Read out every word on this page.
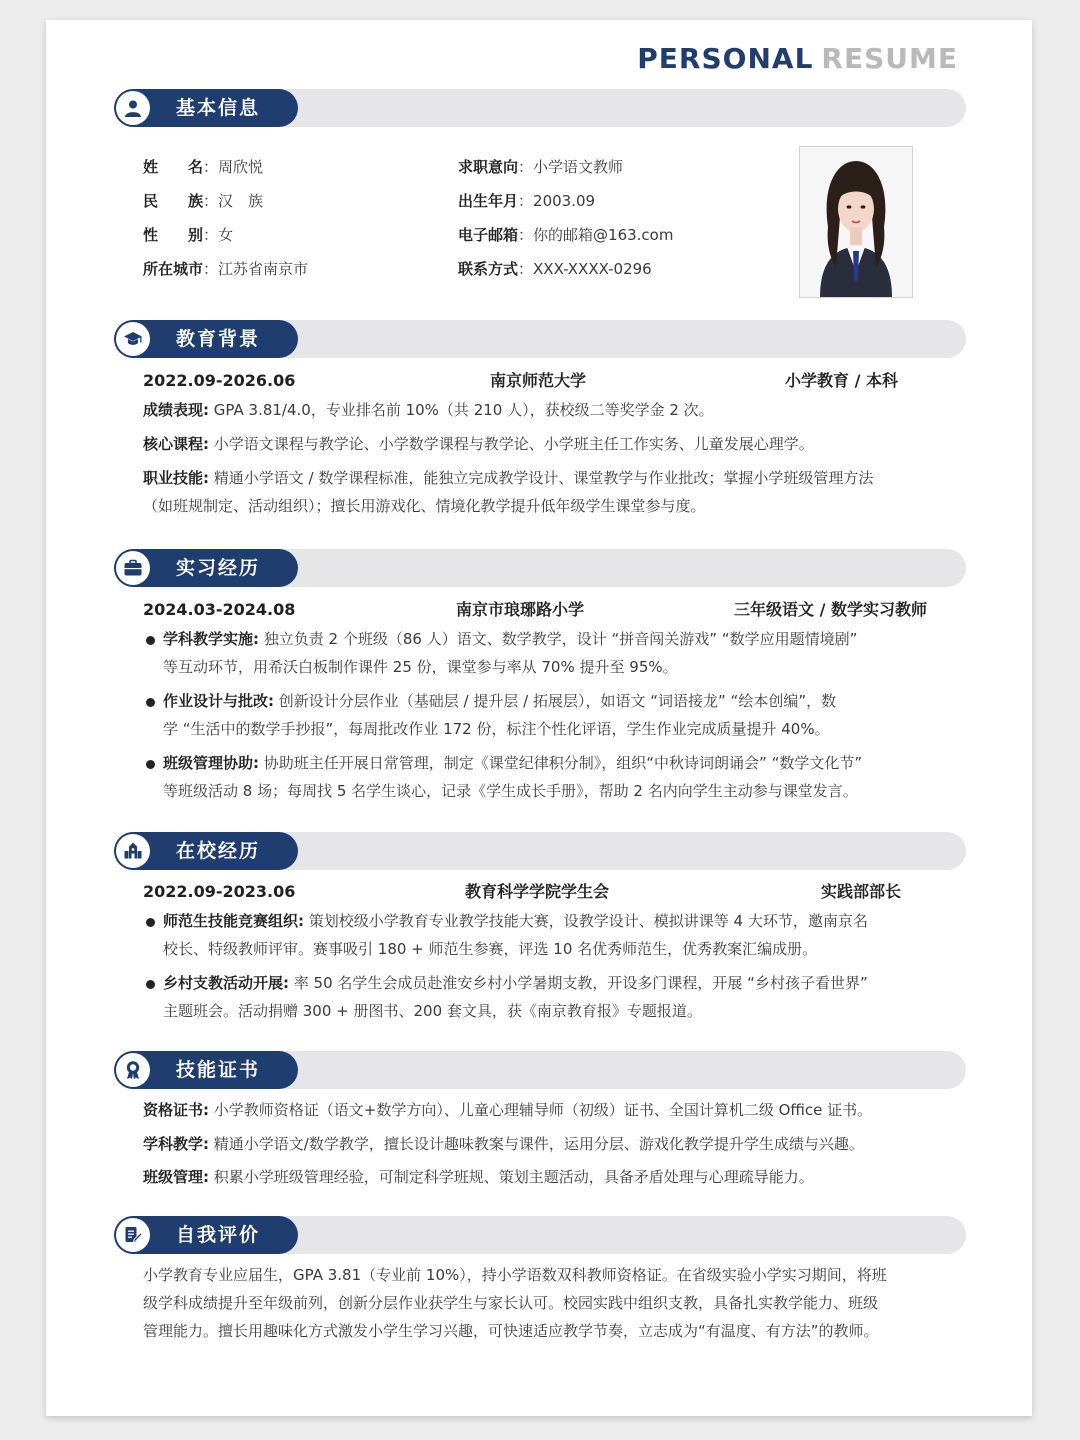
PERSONAL RESUME
基本信息
姓　　名：周欣悦
民　　族：汉　族
性　　别：女
所在城市：江苏省南京市
求职意向：小学语文教师
出生年月：2003.09
电子邮箱：你的邮箱@163.com
联系方式：XXX-XXXX-0296
教育背景
2022.09-2026.06	南京师范大学	小学教育 / 本科
成绩表现: GPA 3.81/4.0，专业排名前 10%（共 210 人），获校级二等奖学金 2 次。
核心课程: 小学语文课程与教学论、小学数学课程与教学论、小学班主任工作实务、儿童发展心理学。
职业技能: 精通小学语文 / 数学课程标准，能独立完成教学设计、课堂教学与作业批改；掌握小学班级管理方法
（如班规制定、活动组织）；擅长用游戏化、情境化教学提升低年级学生课堂参与度。
实习经历
2024.03-2024.08	南京市琅琊路小学	三年级语文 / 数学实习教师
学科教学实施: 独立负责 2 个班级（86 人）语文、数学教学，设计 “拼音闯关游戏” “数学应用题情境剧”
等互动环节，用希沃白板制作课件 25 份，课堂参与率从 70% 提升至 95%。
作业设计与批改: 创新设计分层作业（基础层 / 提升层 / 拓展层），如语文 “词语接龙” “绘本创编”，数
学 “生活中的数学手抄报”，每周批改作业 172 份，标注个性化评语，学生作业完成质量提升 40%。
班级管理协助: 协助班主任开展日常管理，制定《课堂纪律积分制》，组织“中秋诗词朗诵会” “数学文化节”
等班级活动 8 场；每周找 5 名学生谈心，记录《学生成长手册》，帮助 2 名内向学生主动参与课堂发言。
在校经历
2022.09-2023.06	教育科学学院学生会	实践部部长
师范生技能竞赛组织: 策划校级小学教育专业教学技能大赛，设教学设计、模拟讲课等 4 大环节，邀南京名
校长、特级教师评审。赛事吸引 180 + 师范生参赛，评选 10 名优秀师范生，优秀教案汇编成册。
乡村支教活动开展: 率 50 名学生会成员赴淮安乡村小学暑期支教，开设多门课程，开展 “乡村孩子看世界”
主题班会。活动捐赠 300 + 册图书、200 套文具，获《南京教育报》专题报道。
技能证书
资格证书: 小学教师资格证（语文+数学方向）、儿童心理辅导师（初级）证书、全国计算机二级 Office 证书。
学科教学: 精通小学语文/数学教学，擅长设计趣味教案与课件，运用分层、游戏化教学提升学生成绩与兴趣。
班级管理: 积累小学班级管理经验，可制定科学班规、策划主题活动，具备矛盾处理与心理疏导能力。
自我评价
小学教育专业应届生，GPA 3.81（专业前 10%），持小学语数双科教师资格证。在省级实验小学实习期间，将班
级学科成绩提升至年级前列，创新分层作业获学生与家长认可。校园实践中组织支教，具备扎实教学能力、班级
管理能力。擅长用趣味化方式激发小学生学习兴趣，可快速适应教学节奏，立志成为“有温度、有方法”的教师。
